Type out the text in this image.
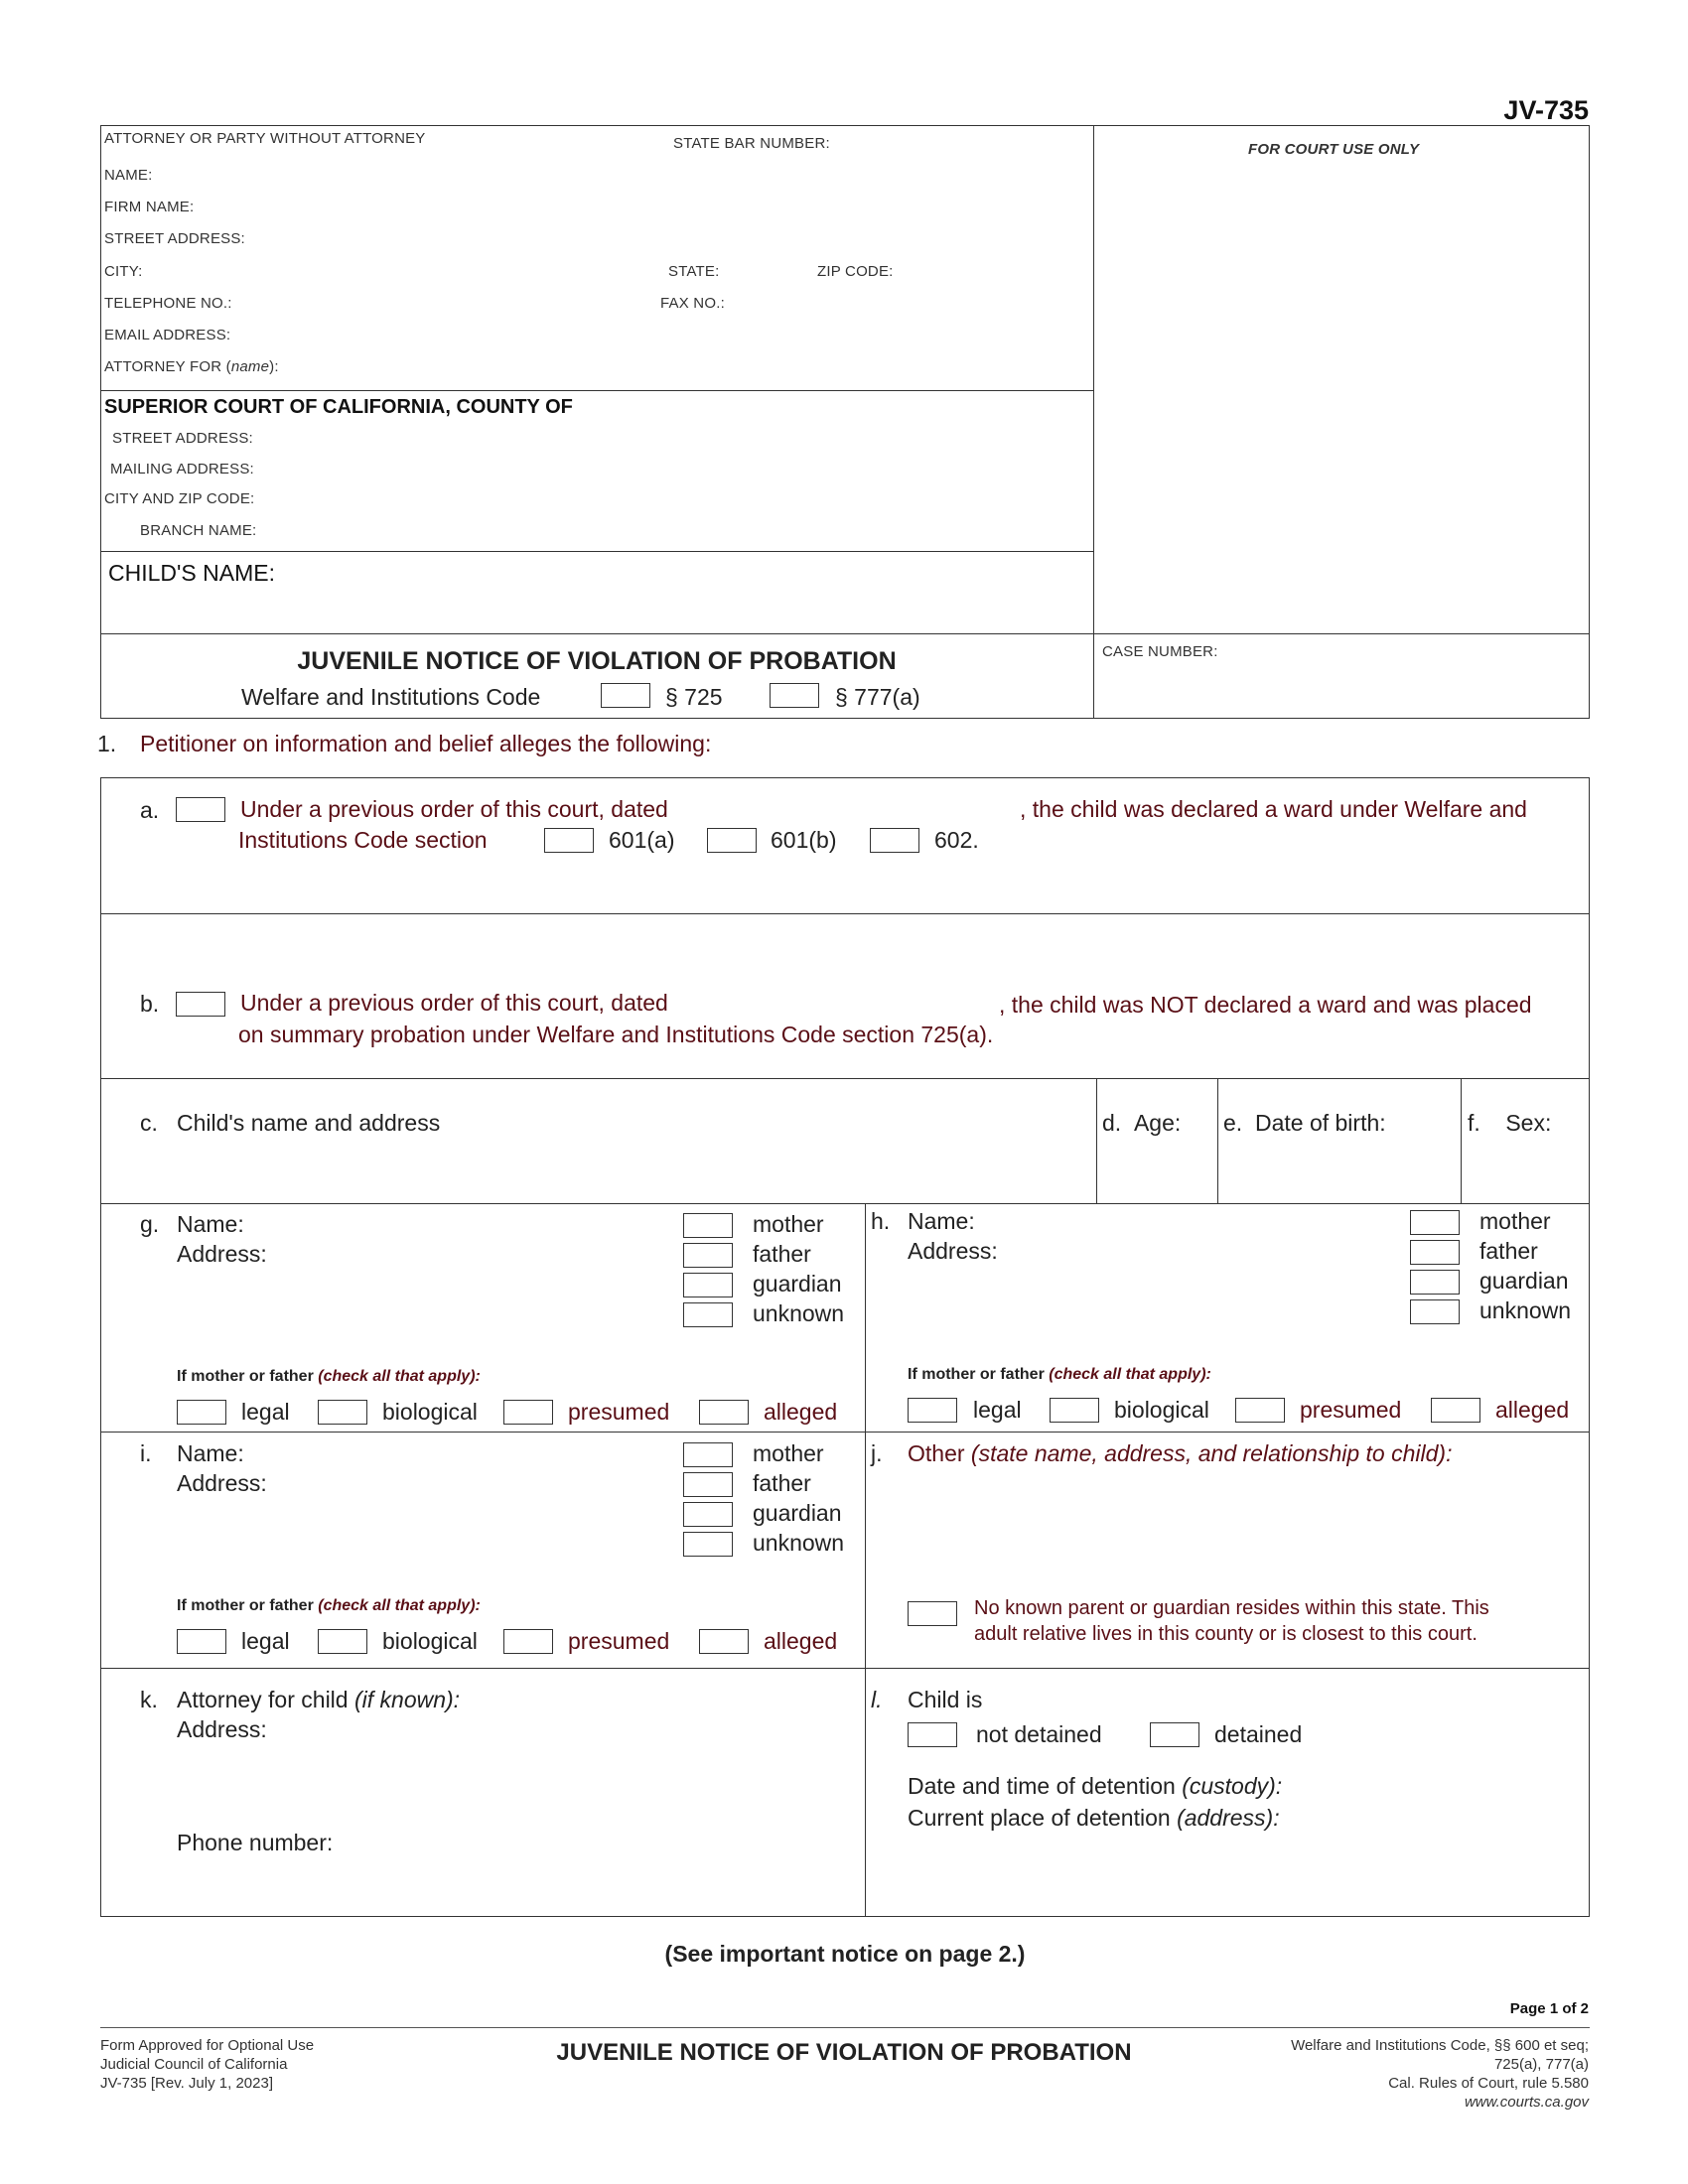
JV-735
ATTORNEY OR PARTY WITHOUT ATTORNEY	STATE BAR NUMBER:	FOR COURT USE ONLY
NAME:
FIRM NAME:
STREET ADDRESS:
CITY:	STATE:	ZIP CODE:
TELEPHONE NO.:	FAX NO.:
EMAIL ADDRESS:
ATTORNEY FOR (name):
SUPERIOR COURT OF CALIFORNIA, COUNTY OF
STREET ADDRESS:
MAILING ADDRESS:
CITY AND ZIP CODE:
BRANCH NAME:
CHILD'S NAME:
JUVENILE NOTICE OF VIOLATION OF PROBATION
Welfare and Institutions Code	§ 725	§ 777(a)
CASE NUMBER:
1. Petitioner on information and belief alleges the following:
a.	Under a previous order of this court, dated	, the child was declared a ward under Welfare and
Institutions Code section	601(a)	601(b)	602.
b.	Under a previous order of this court, dated	, the child was NOT declared a ward and was placed
on summary probation under Welfare and Institutions Code section 725(a).
c. Child's name and address	d. Age: e. Date of birth:	f. Sex:
g. Name:
Address:
mother
father
guardian
unknown
If mother or father (check all that apply):
legal	biological	presumed	alleged
h. Name:
Address:
mother
father
guardian
unknown
If mother or father (check all that apply):
legal	biological	presumed	alleged
i. Name:
Address:
mother
father
guardian
unknown
If mother or father (check all that apply):
legal	biological	presumed	alleged
j. Other (state name, address, and relationship to child):
No known parent or guardian resides within this state. This
adult relative lives in this county or is closest to this court.
k. Attorney for child (if known):
Address:
Phone number:
l. Child is
not detained	detained
Date and time of detention (custody):
Current place of detention (address):
(See important notice on page 2.)
Page 1 of 2
Form Approved for Optional Use
Judicial Council of California
JV-735 [Rev. July 1, 2023]
JUVENILE NOTICE OF VIOLATION OF PROBATION	Welfare and Institutions Code, §§ 600 et seq;
725(a), 777(a)
Cal. Rules of Court, rule 5.580
www.courts.ca.gov
